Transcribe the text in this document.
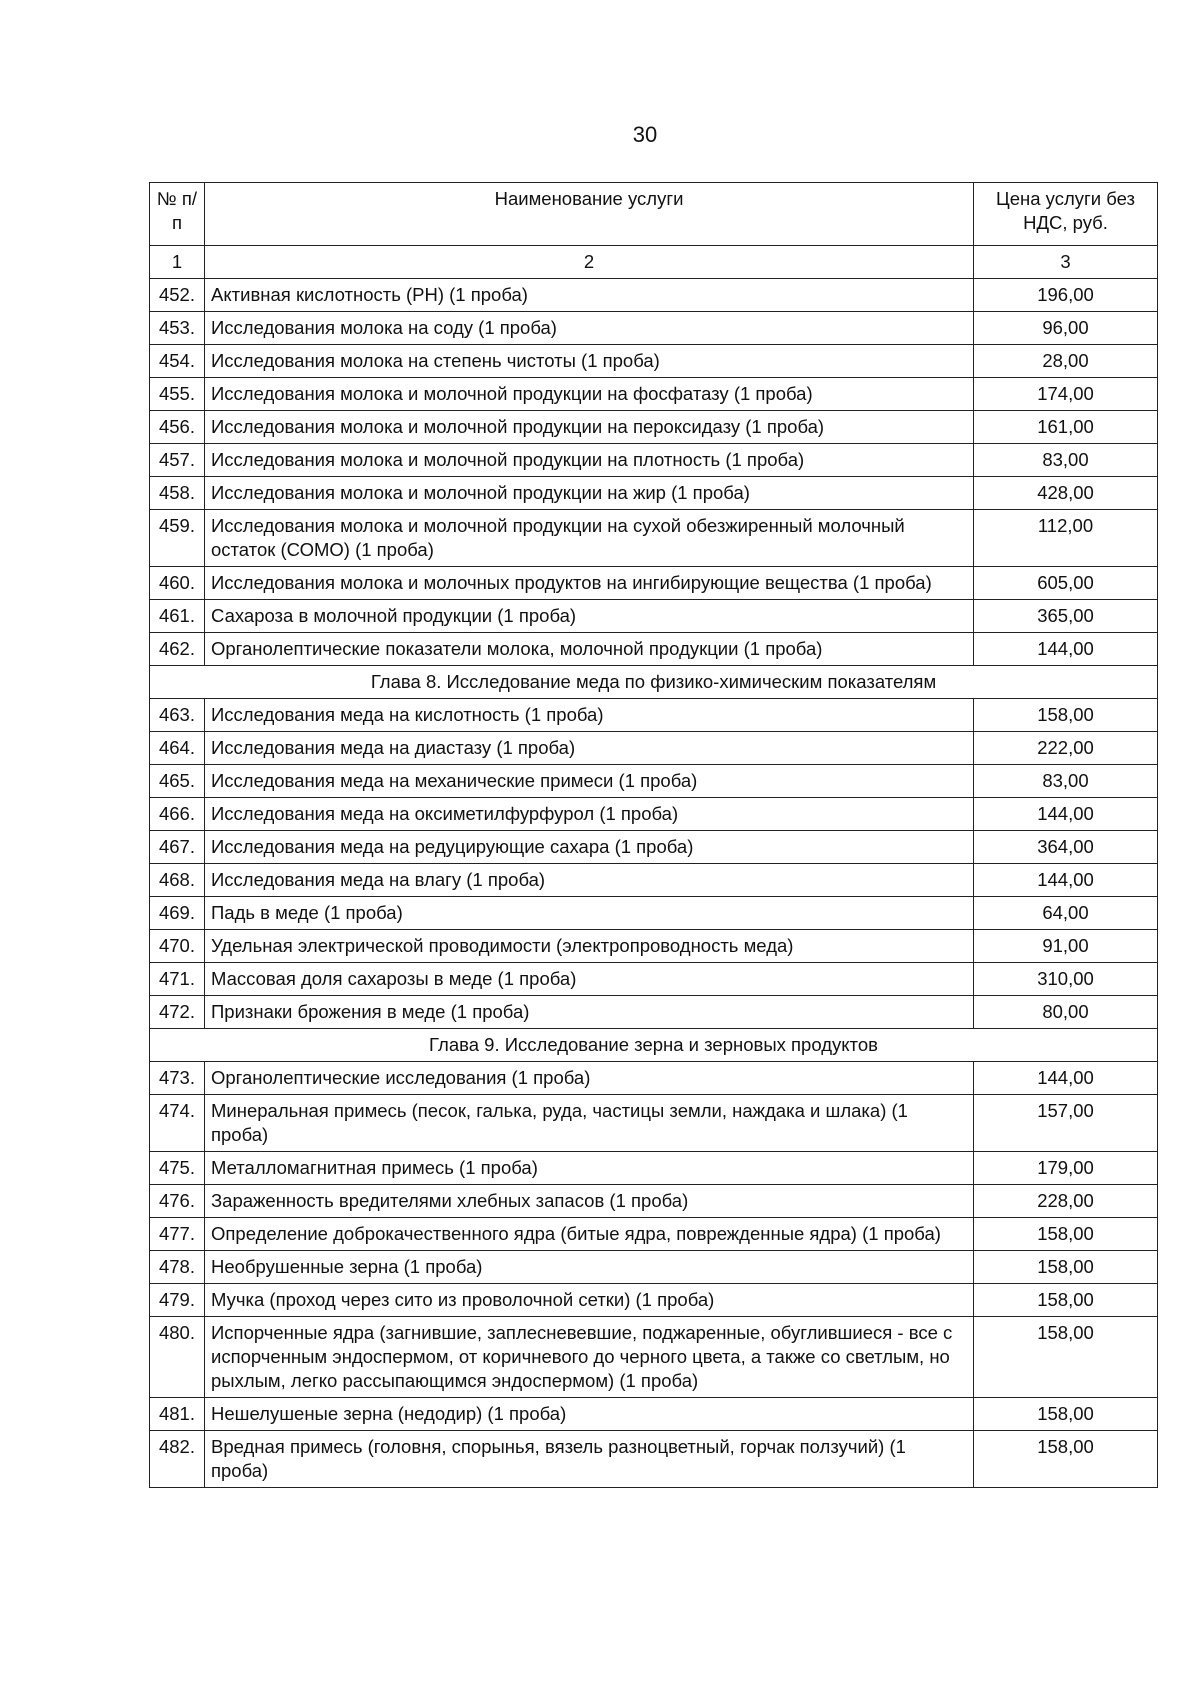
30
№ п/п	Наименование услуги	Цена услуги без НДС, руб.
1	2	3
452.	Активная кислотность (PH) (1 проба)	196,00
453.	Исследования молока на соду (1 проба)	96,00
454.	Исследования молока на степень чистоты (1 проба)	28,00
455.	Исследования молока и молочной продукции на фосфатазу (1 проба)	174,00
456.	Исследования молока и молочной продукции на пероксидазу (1 проба)	161,00
457.	Исследования молока и молочной продукции на плотность (1 проба)	83,00
458.	Исследования молока и молочной продукции на жир (1 проба)	428,00
459.	Исследования молока и молочной продукции на сухой обезжиренный молочный остаток (СОМО) (1 проба)	112,00
460.	Исследования молока и молочных продуктов на ингибирующие вещества (1 проба)	605,00
461.	Сахароза в молочной продукции (1 проба)	365,00
462.	Органолептические показатели молока, молочной продукции (1 проба)	144,00
Глава 8. Исследование меда по физико-химическим показателям		
463.	Исследования меда на кислотность (1 проба)	158,00
464.	Исследования меда на диастазу (1 проба)	222,00
465.	Исследования меда на механические примеси (1 проба)	83,00
466.	Исследования меда на оксиметилфурфурол (1 проба)	144,00
467.	Исследования меда на редуцирующие сахара (1 проба)	364,00
468.	Исследования меда на влагу (1 проба)	144,00
469.	Падь в меде (1 проба)	64,00
470.	Удельная электрической проводимости (электропроводность меда)	91,00
471.	Массовая доля сахарозы в меде (1 проба)	310,00
472.	Признаки брожения в меде (1 проба)	80,00
Глава 9. Исследование зерна и зерновых продуктов		
473.	Органолептические исследования (1 проба)	144,00
474.	Минеральная примесь (песок, галька, руда, частицы земли, наждака и шлака) (1 проба)	157,00
475.	Металломагнитная примесь (1 проба)	179,00
476.	Зараженность вредителями хлебных запасов (1 проба)	228,00
477.	Определение доброкачественного ядра (битые ядра, поврежденные ядра) (1 проба)	158,00
478.	Необрушенные зерна (1 проба)	158,00
479.	Мучка (проход через сито из проволочной сетки) (1 проба)	158,00
480.	Испорченные ядра (загнившие, заплесневевшие, поджаренные, обуглившиеся - все с испорченным эндоспермом, от коричневого до черного цвета, а также со светлым, но рыхлым, легко рассыпающимся эндоспермом) (1 проба)	158,00
481.	Нешелушеные зерна (недодир) (1 проба)	158,00
482.	Вредная примесь (головня, спорынья, вязель разноцветный, горчак ползучий) (1 проба)	158,00
